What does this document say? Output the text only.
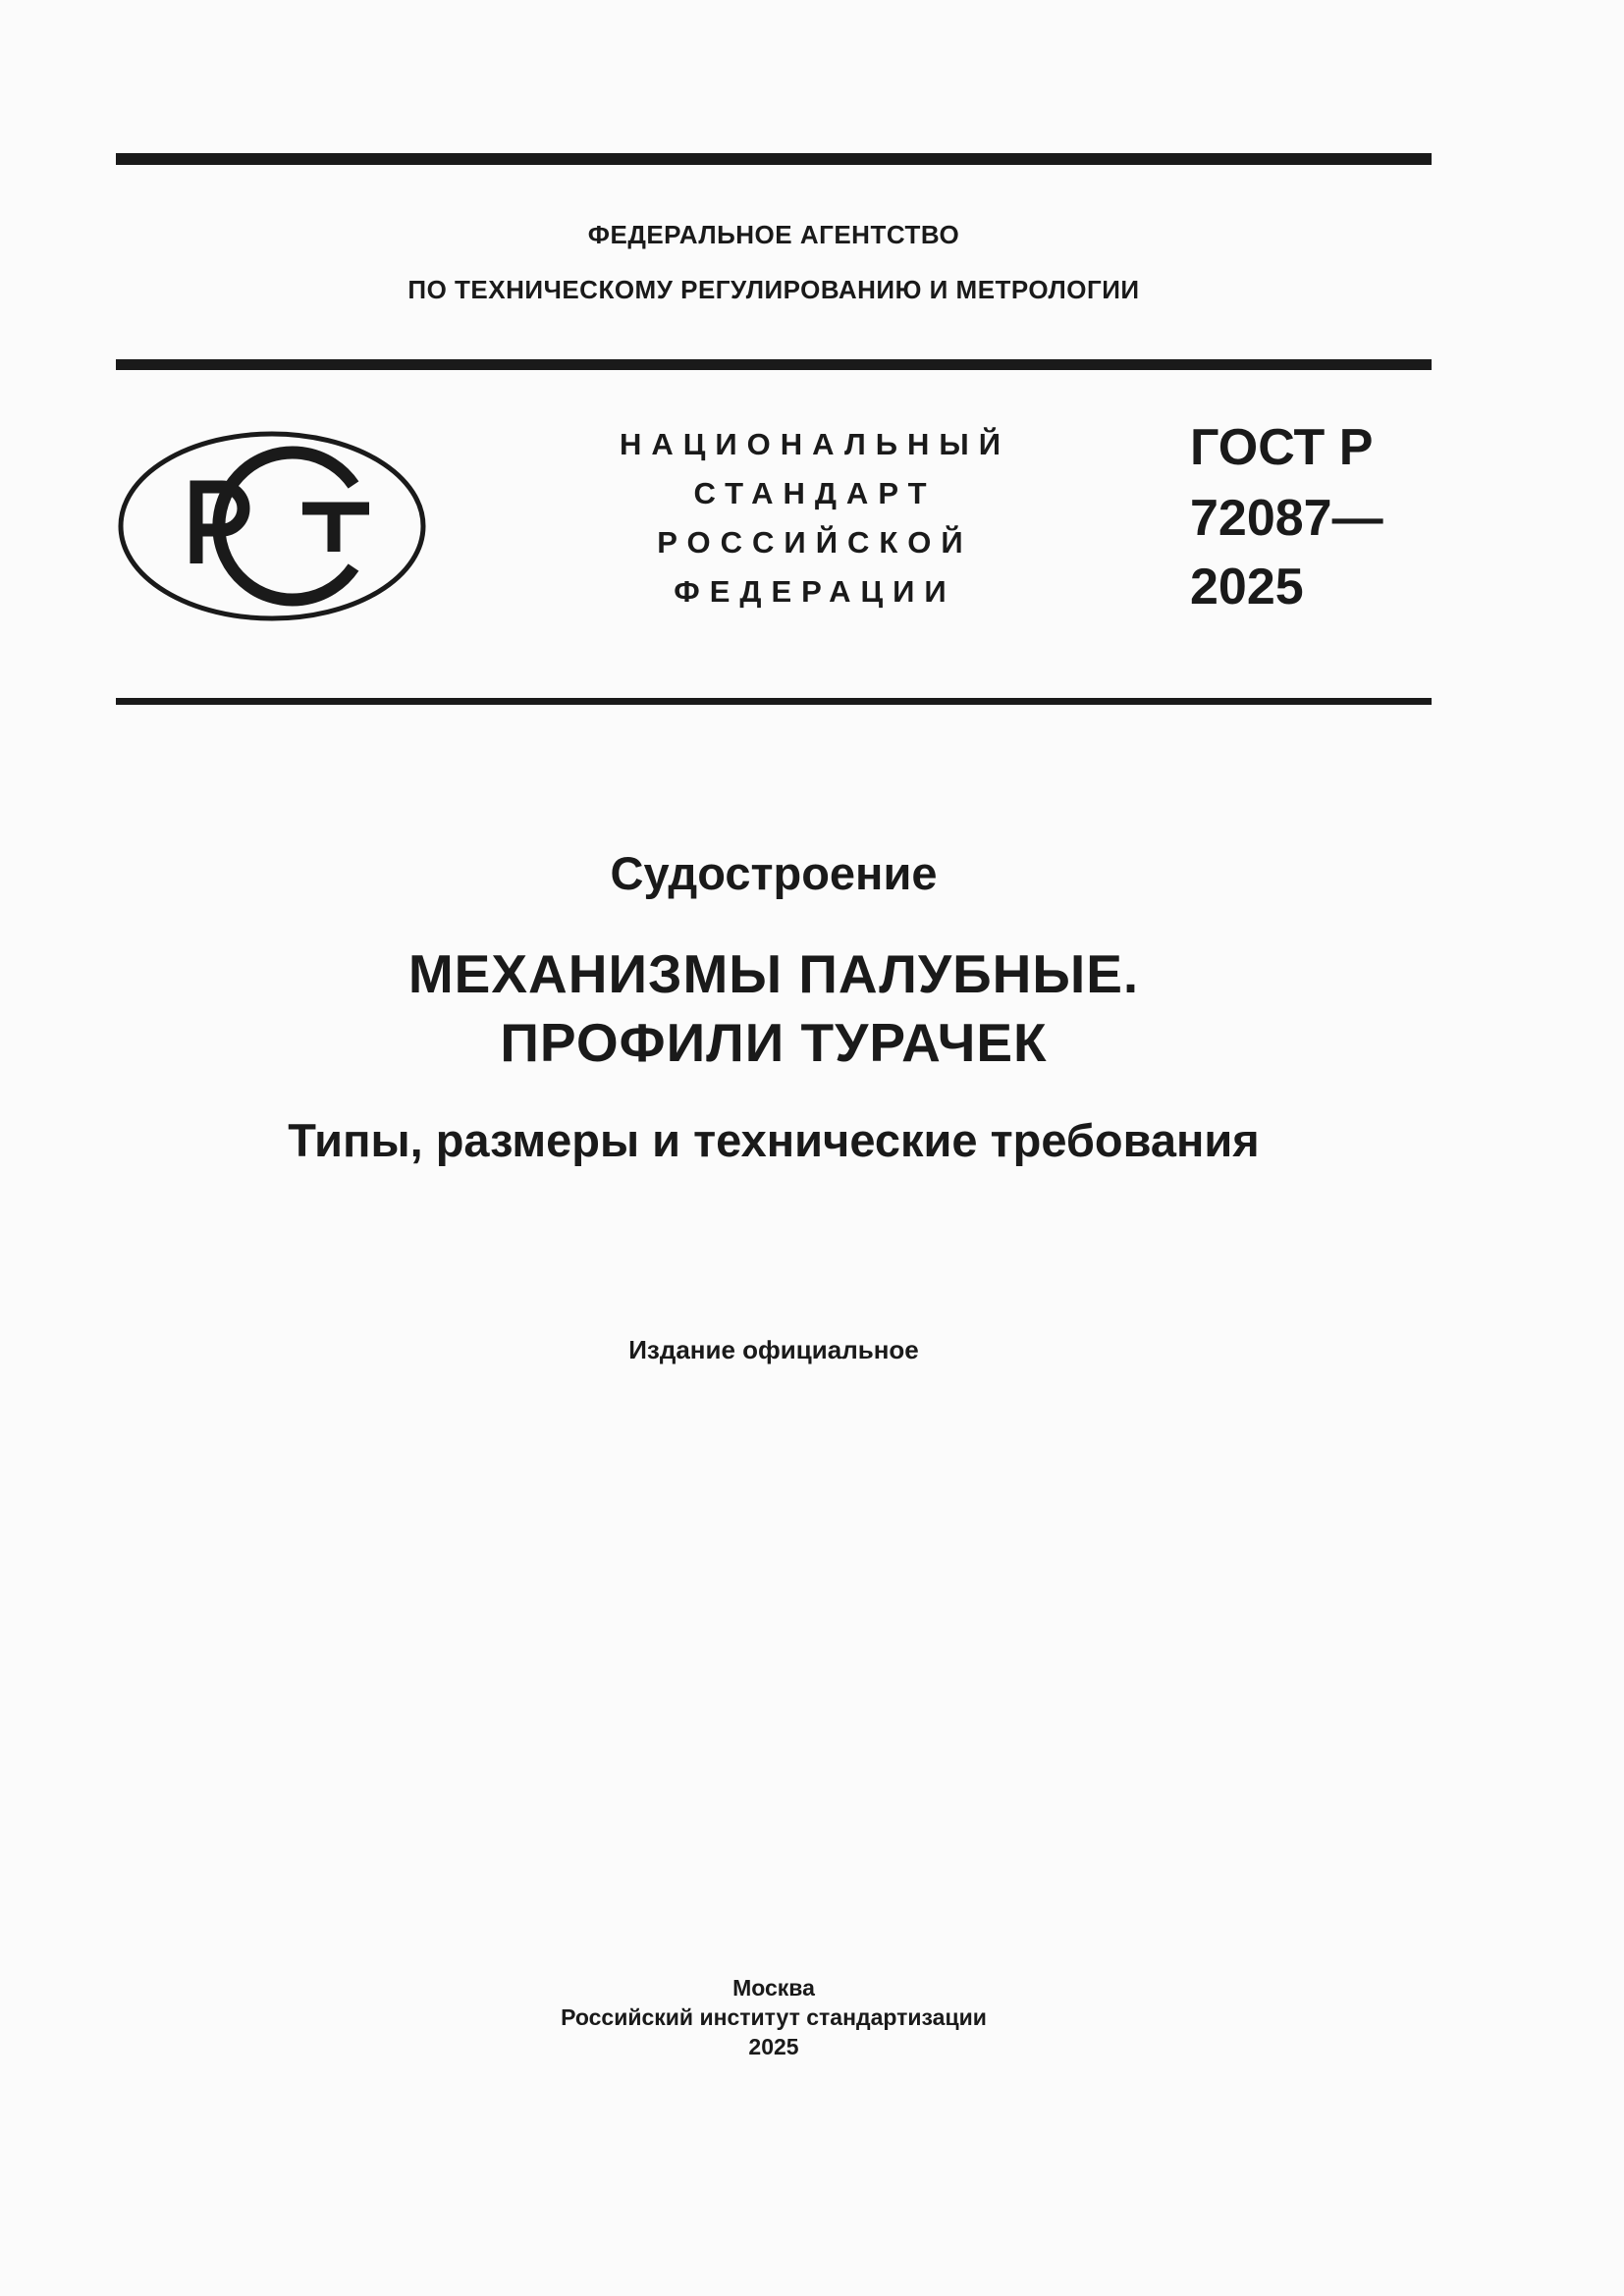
ФЕДЕРАЛЬНОЕ АГЕНТСТВО
ПО ТЕХНИЧЕСКОМУ РЕГУЛИРОВАНИЮ И МЕТРОЛОГИИ
НАЦИОНАЛЬНЫЙ
СТАНДАРТ
РОССИЙСКОЙ
ФЕДЕРАЦИИ
ГОСТ Р
72087—
2025
Судостроение
МЕХАНИЗМЫ ПАЛУБНЫЕ.
ПРОФИЛИ ТУРАЧЕК
Типы, размеры и технические требования
Издание официальное
Москва
Российский институт стандартизации
2025
